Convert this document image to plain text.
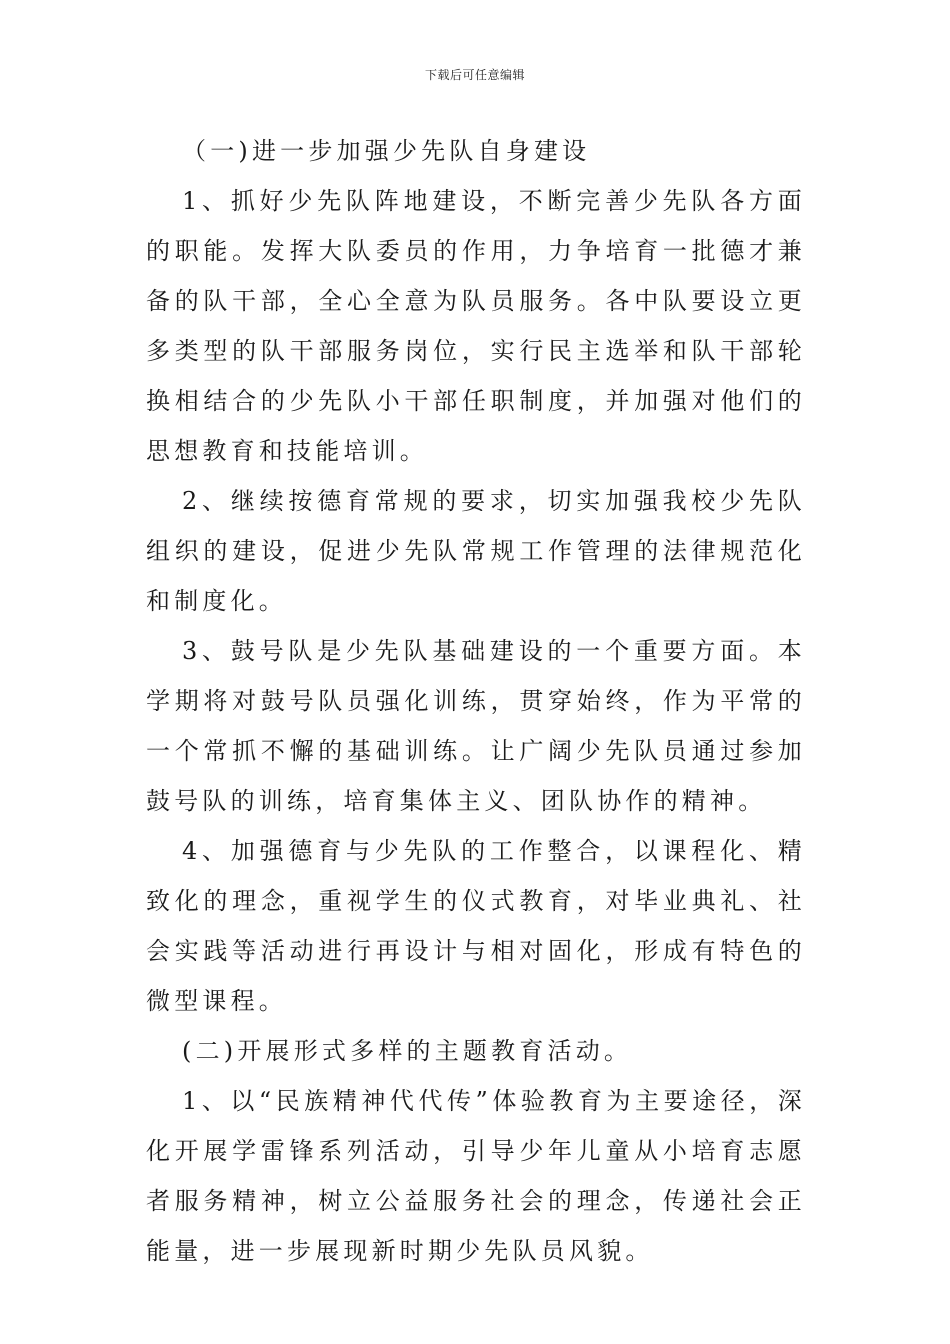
下载后可任意编辑

（一)进一步加强少先队自身建设

1、抓好少先队阵地建设，不断完善少先队各方面的职能。发挥大队委员的作用，力争培育一批德才兼备的队干部，全心全意为队员服务。各中队要设立更多类型的队干部服务岗位，实行民主选举和队干部轮换相结合的少先队小干部任职制度，并加强对他们的思想教育和技能培训。

2、继续按德育常规的要求，切实加强我校少先队组织的建设，促进少先队常规工作管理的法律规范化和制度化。

3、鼓号队是少先队基础建设的一个重要方面。本学期将对鼓号队员强化训练，贯穿始终，作为平常的一个常抓不懈的基础训练。让广阔少先队员通过参加鼓号队的训练，培育集体主义、团队协作的精神。

4、加强德育与少先队的工作整合，以课程化、精致化的理念，重视学生的仪式教育，对毕业典礼、社会实践等活动进行再设计与相对固化，形成有特色的微型课程。

(二)开展形式多样的主题教育活动。

1、以“民族精神代代传”体验教育为主要途径，深化开展学雷锋系列活动，引导少年儿童从小培育志愿者服务精神，树立公益服务社会的理念，传递社会正能量，进一步展现新时期少先队员风貌。
